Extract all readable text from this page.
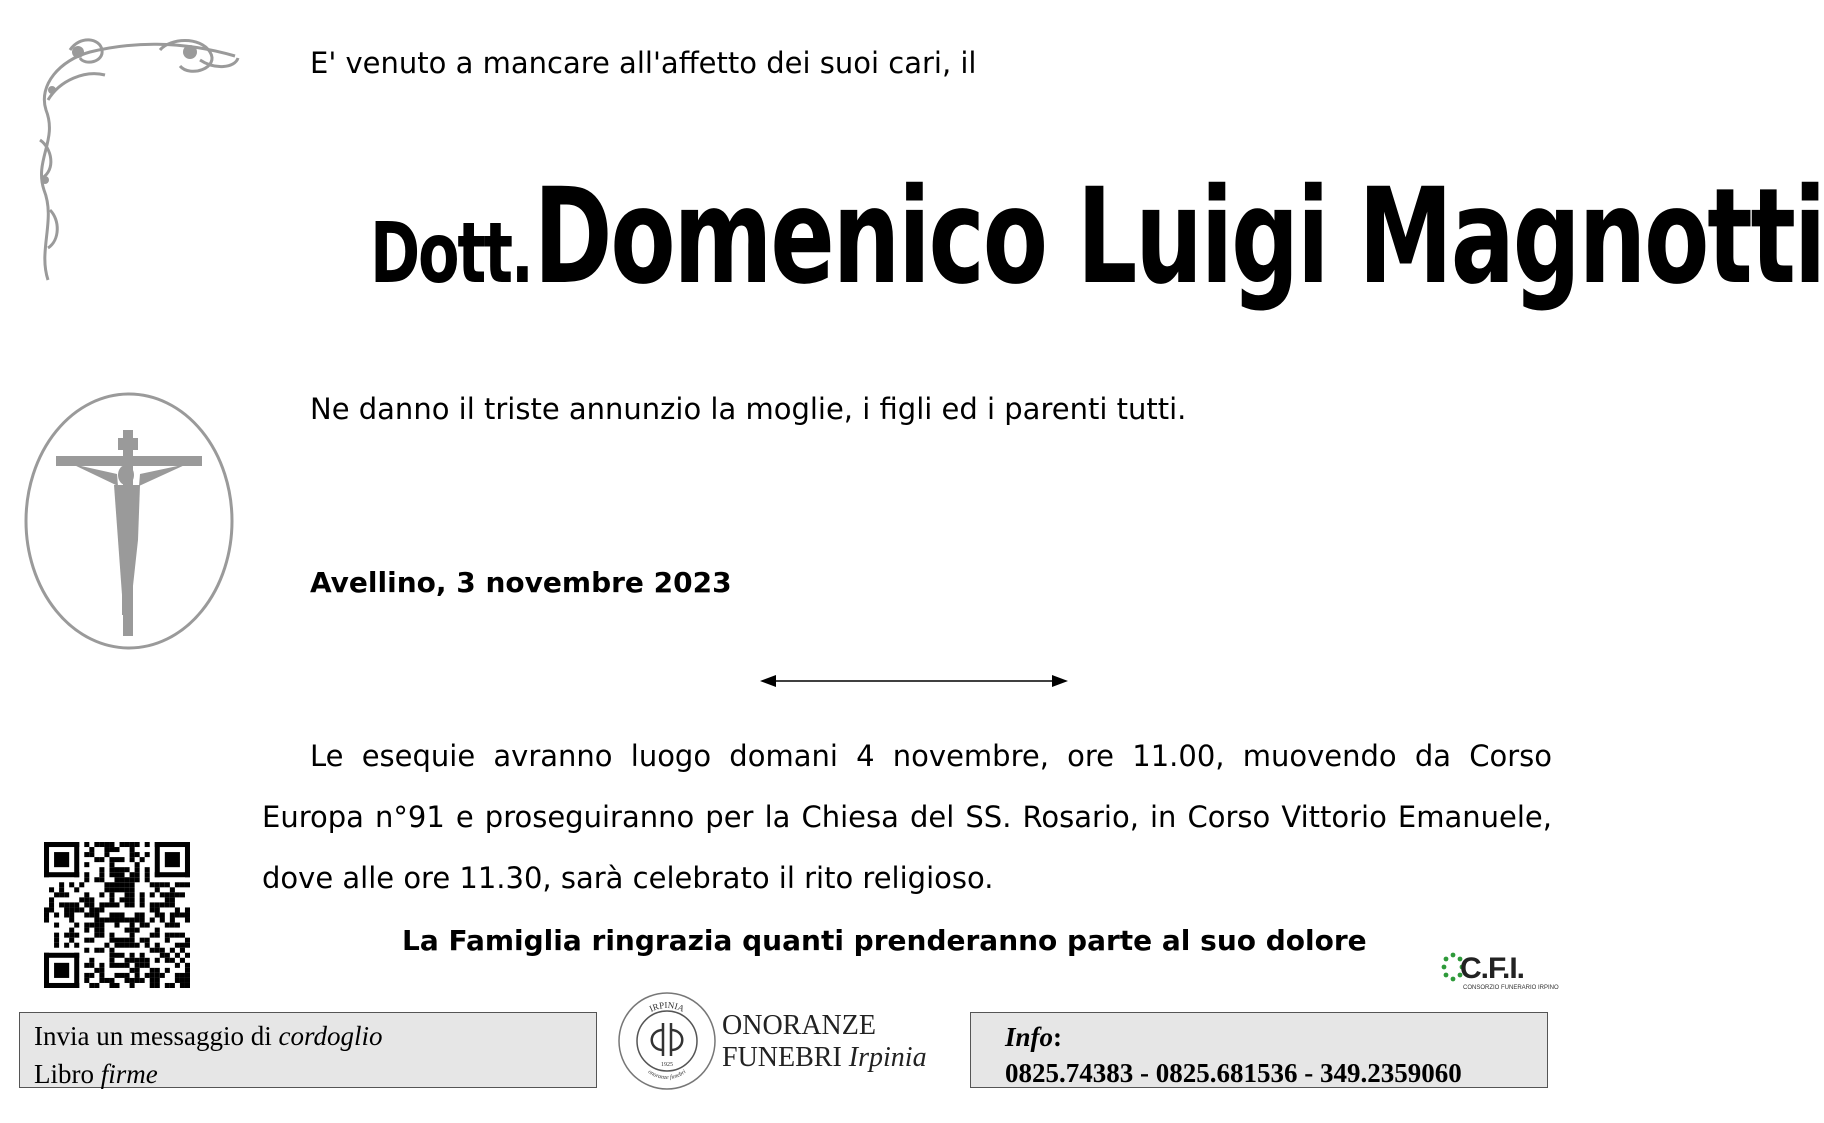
E' venuto a mancare all'affetto dei suoi cari, il
Dott. Domenico Luigi Magnotti
Ne danno il triste annunzio la moglie, i figli ed i parenti tutti.
Avellino, 3 novembre 2023
Le esequie avranno luogo domani 4 novembre, ore 11.00, muovendo da Corso Europa n°91 e proseguiranno per la Chiesa del SS. Rosario, in Corso Vittorio Emanuele, dove alle ore 11.30, sarà celebrato il rito religioso.
La Famiglia ringrazia quanti prenderanno parte al suo dolore
C.F.I.
CONSORZIO FUNERARIO IRPINO
Invia un messaggio di cordoglio
Libro firme
IRPINIA
onoranze funebri
1925
ONORANZE
FUNEBRI Irpinia
Info:
0825.74383 - 0825.681536 - 349.2359060
